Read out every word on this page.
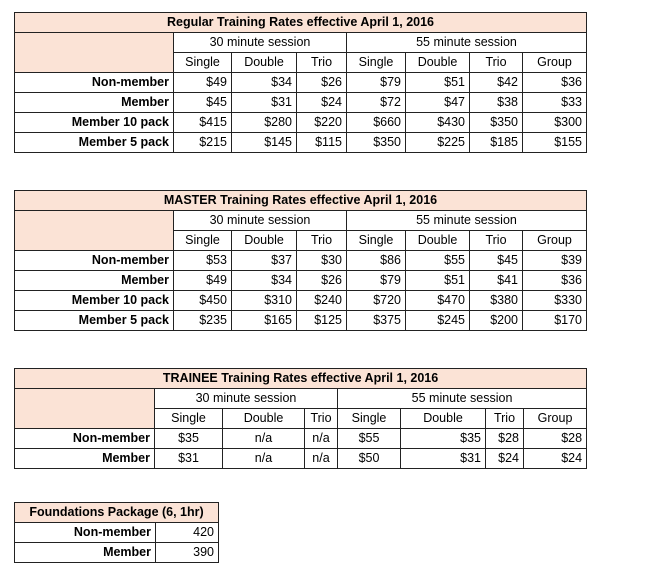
Regular Training Rates effective April 1, 2016							
	30 minute session			55 minute session			
	Single	Double	Trio	Single	Double	Trio	Group
Non-member	$49	$34	$26	$79	$51	$42	$36
Member	$45	$31	$24	$72	$47	$38	$33
Member 10 pack	$415	$280	$220	$660	$430	$350	$300
Member 5 pack	$215	$145	$115	$350	$225	$185	$155
MASTER Training Rates effective April 1, 2016							
	30 minute session			55 minute session			
	Single	Double	Trio	Single	Double	Trio	Group
Non-member	$53	$37	$30	$86	$55	$45	$39
Member	$49	$34	$26	$79	$51	$41	$36
Member 10 pack	$450	$310	$240	$720	$470	$380	$330
Member 5 pack	$235	$165	$125	$375	$245	$200	$170
TRAINEE Training Rates effective April 1, 2016							
	30 minute session			55 minute session			
	Single	Double	Trio	Single	Double	Trio	Group
Non-member	$35	n/a	n/a	$55	$35	$28	$28
Member	$31	n/a	n/a	$50	$31	$24	$24
Foundations Package (6, 1hr)	
Non-member	420
Member	390
